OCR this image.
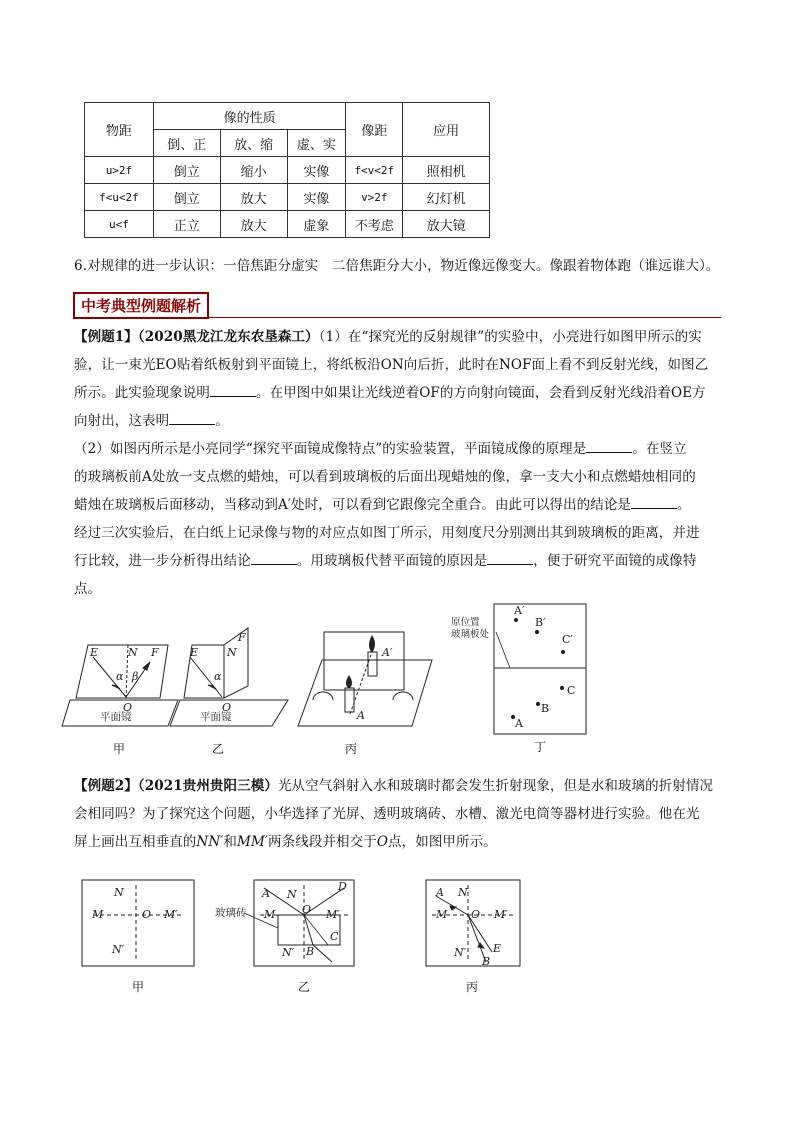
物距	像的性质			像距	应用
	倒、正	放、缩	虚、实		
u>2f	倒立	缩小	实像	f<v<2f	照相机
f<u<2f	倒立	放大	实像	v>2f	幻灯机
u<f	正立	放大	虚象	不考虑	放大镜
6.对规律的进一步认识：一倍焦距分虚实　二倍焦距分大小，物近像远像变大。像跟着物体跑（谁远谁大）。
中考典型例题解析
【例题1】（2020黑龙江龙东农垦森工）（1）在“探究光的反射规律”的实验中，小亮进行如图甲所示的实
验，让一束光EO贴着纸板射到平面镜上，将纸板沿ON向后折，此时在NOF面上看不到反射光线，如图乙
所示。此实验现象说明	。在甲图中如果让光线逆着OF的方向射向镜面，会看到反射光线沿着OE方
向射出，这表明	。
（2）如图丙所示是小亮同学“探究平面镜成像特点”的实验装置，平面镜成像的原理是	。在竖立
的玻璃板前A处放一支点燃的蜡烛，可以看到玻璃板的后面出现蜡烛的像，拿一支大小和点燃蜡烛相同的
蜡烛在玻璃板后面移动，当移动到A′处时，可以看到它跟像完全重合。由此可以得出的结论是	。
经过三次实验后，在白纸上记录像与物的对应点如图丁所示，用刻度尺分别测出其到玻璃板的距离，并进
行比较，进一步分析得出结论	。用玻璃板代替平面镜的原因是	，便于研究平面镜的成像特
点。
E	N F
α β
O
平面镜
E	N
F
α
O
平面镜	A
A′
原位置
玻璃板处
A′
B′
C′
C
B
A
甲	乙	丙	丁
【例题2】（2021贵州贵阳三模）光从空气斜射入水和玻璃时都会发生折射现象，但是水和玻璃的折射情况
会相同吗？为了探究这个问题，小华选择了光屏、透明玻璃砖、水槽、激光电筒等器材进行实验。他在光
屏上画出互相垂直的NN′和MM′两条线段并相交于O点，如图甲所示。
N
M	O M′
N′
玻璃砖
A N
D
O
M	M′
C
B
N′
A N
M O M′
N′ E
B
甲	乙	丙
